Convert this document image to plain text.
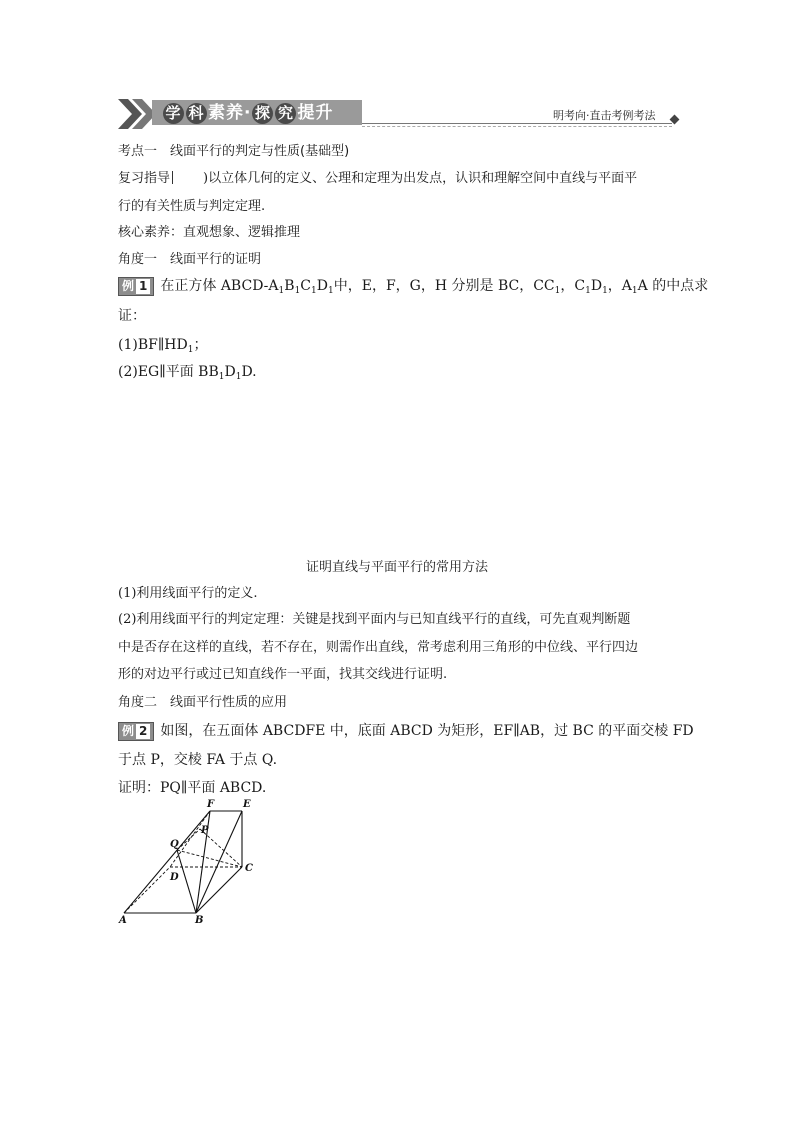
学 科 素养· 探 究 提升	明考向·直击考例考法
考点一　线面平行的判定与性质(基础型)
复习指导	)以立体几何的定义、公理和定理为出发点，认识和理解空间中直线与平面平
行的有关性质与判定定理.
核心素养：直观想象、逻辑推理
角度一　线面平行的证明
例 1 在正方体 ABCD-$A_1B_1C_1D_1$中，E，F，G，H 分别是 BC，$CC_1$，$C_1D_1$，$A_1A$ 的中点求
证：
$(1)BF\parallel HD_1$；
(2)EG∥平面 $BB_1D_1D$.
证明直线与平面平行的常用方法
(1)利用线面平行的定义.
(2)利用线面平行的判定定理：关键是找到平面内与已知直线平行的直线，可先直观判断题
中是否存在这样的直线，若不存在，则需作出直线，常考虑利用三角形的中位线、平行四边
形的对边平行或过已知直线作一平面，找其交线进行证明.
角度二　线面平行性质的应用
例 2 如图，在五面体 ABCDFE 中，底面 ABCD 为矩形，EF∥AB，过 BC 的平面交棱 FD
于点 P，交棱 FA 于点 Q.
证明：PQ∥平面 ABCD.
F	E
P
Q
C
D
A	B
